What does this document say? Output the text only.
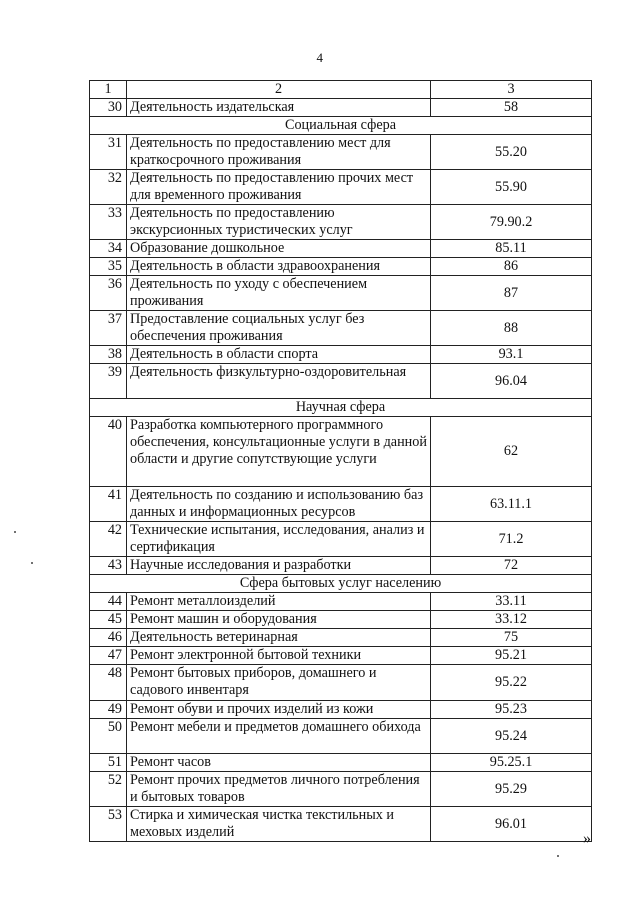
4
1	2	3
30	Деятельность издательская	58
Социальная сфера		
31	Деятельность по предоставлению мест для краткосрочного проживания	55.20
32	Деятельность по предоставлению прочих мест для временного проживания	55.90
33	Деятельность по предоставлению экскурсионных туристических услуг	79.90.2
34	Образование дошкольное	85.11
35	Деятельность в области здравоохранения	86
36	Деятельность по уходу с обеспечением проживания	87
37	Предоставление социальных услуг без обеспечения проживания	88
38	Деятельность в области спорта	93.1
39	Деятельность физкультурно-оздоровительная	96.04
Научная сфера		
40	Разработка компьютерного программного обеспечения, консультационные услуги в данной области и другие сопутствующие услуги	62
41	Деятельность по созданию и использованию баз данных и информационных ресурсов	63.11.1
42	Технические испытания, исследования, анализ и сертификация	71.2
43	Научные исследования и разработки	72
Сфера бытовых услуг населению		
44	Ремонт металлоизделий	33.11
45	Ремонт машин и оборудования	33.12
46	Деятельность ветеринарная	75
47	Ремонт электронной бытовой техники	95.21
48	Ремонт бытовых приборов, домашнего и садового инвентаря	95.22
49	Ремонт обуви и прочих изделий из кожи	95.23
50	Ремонт мебели и предметов домашнего обихода	95.24
51	Ремонт часов	95.25.1
52	Ремонт прочих предметов личного потребления и бытовых товаров	95.29
53	Стирка и химическая чистка текстильных и меховых изделий	96.01
»
